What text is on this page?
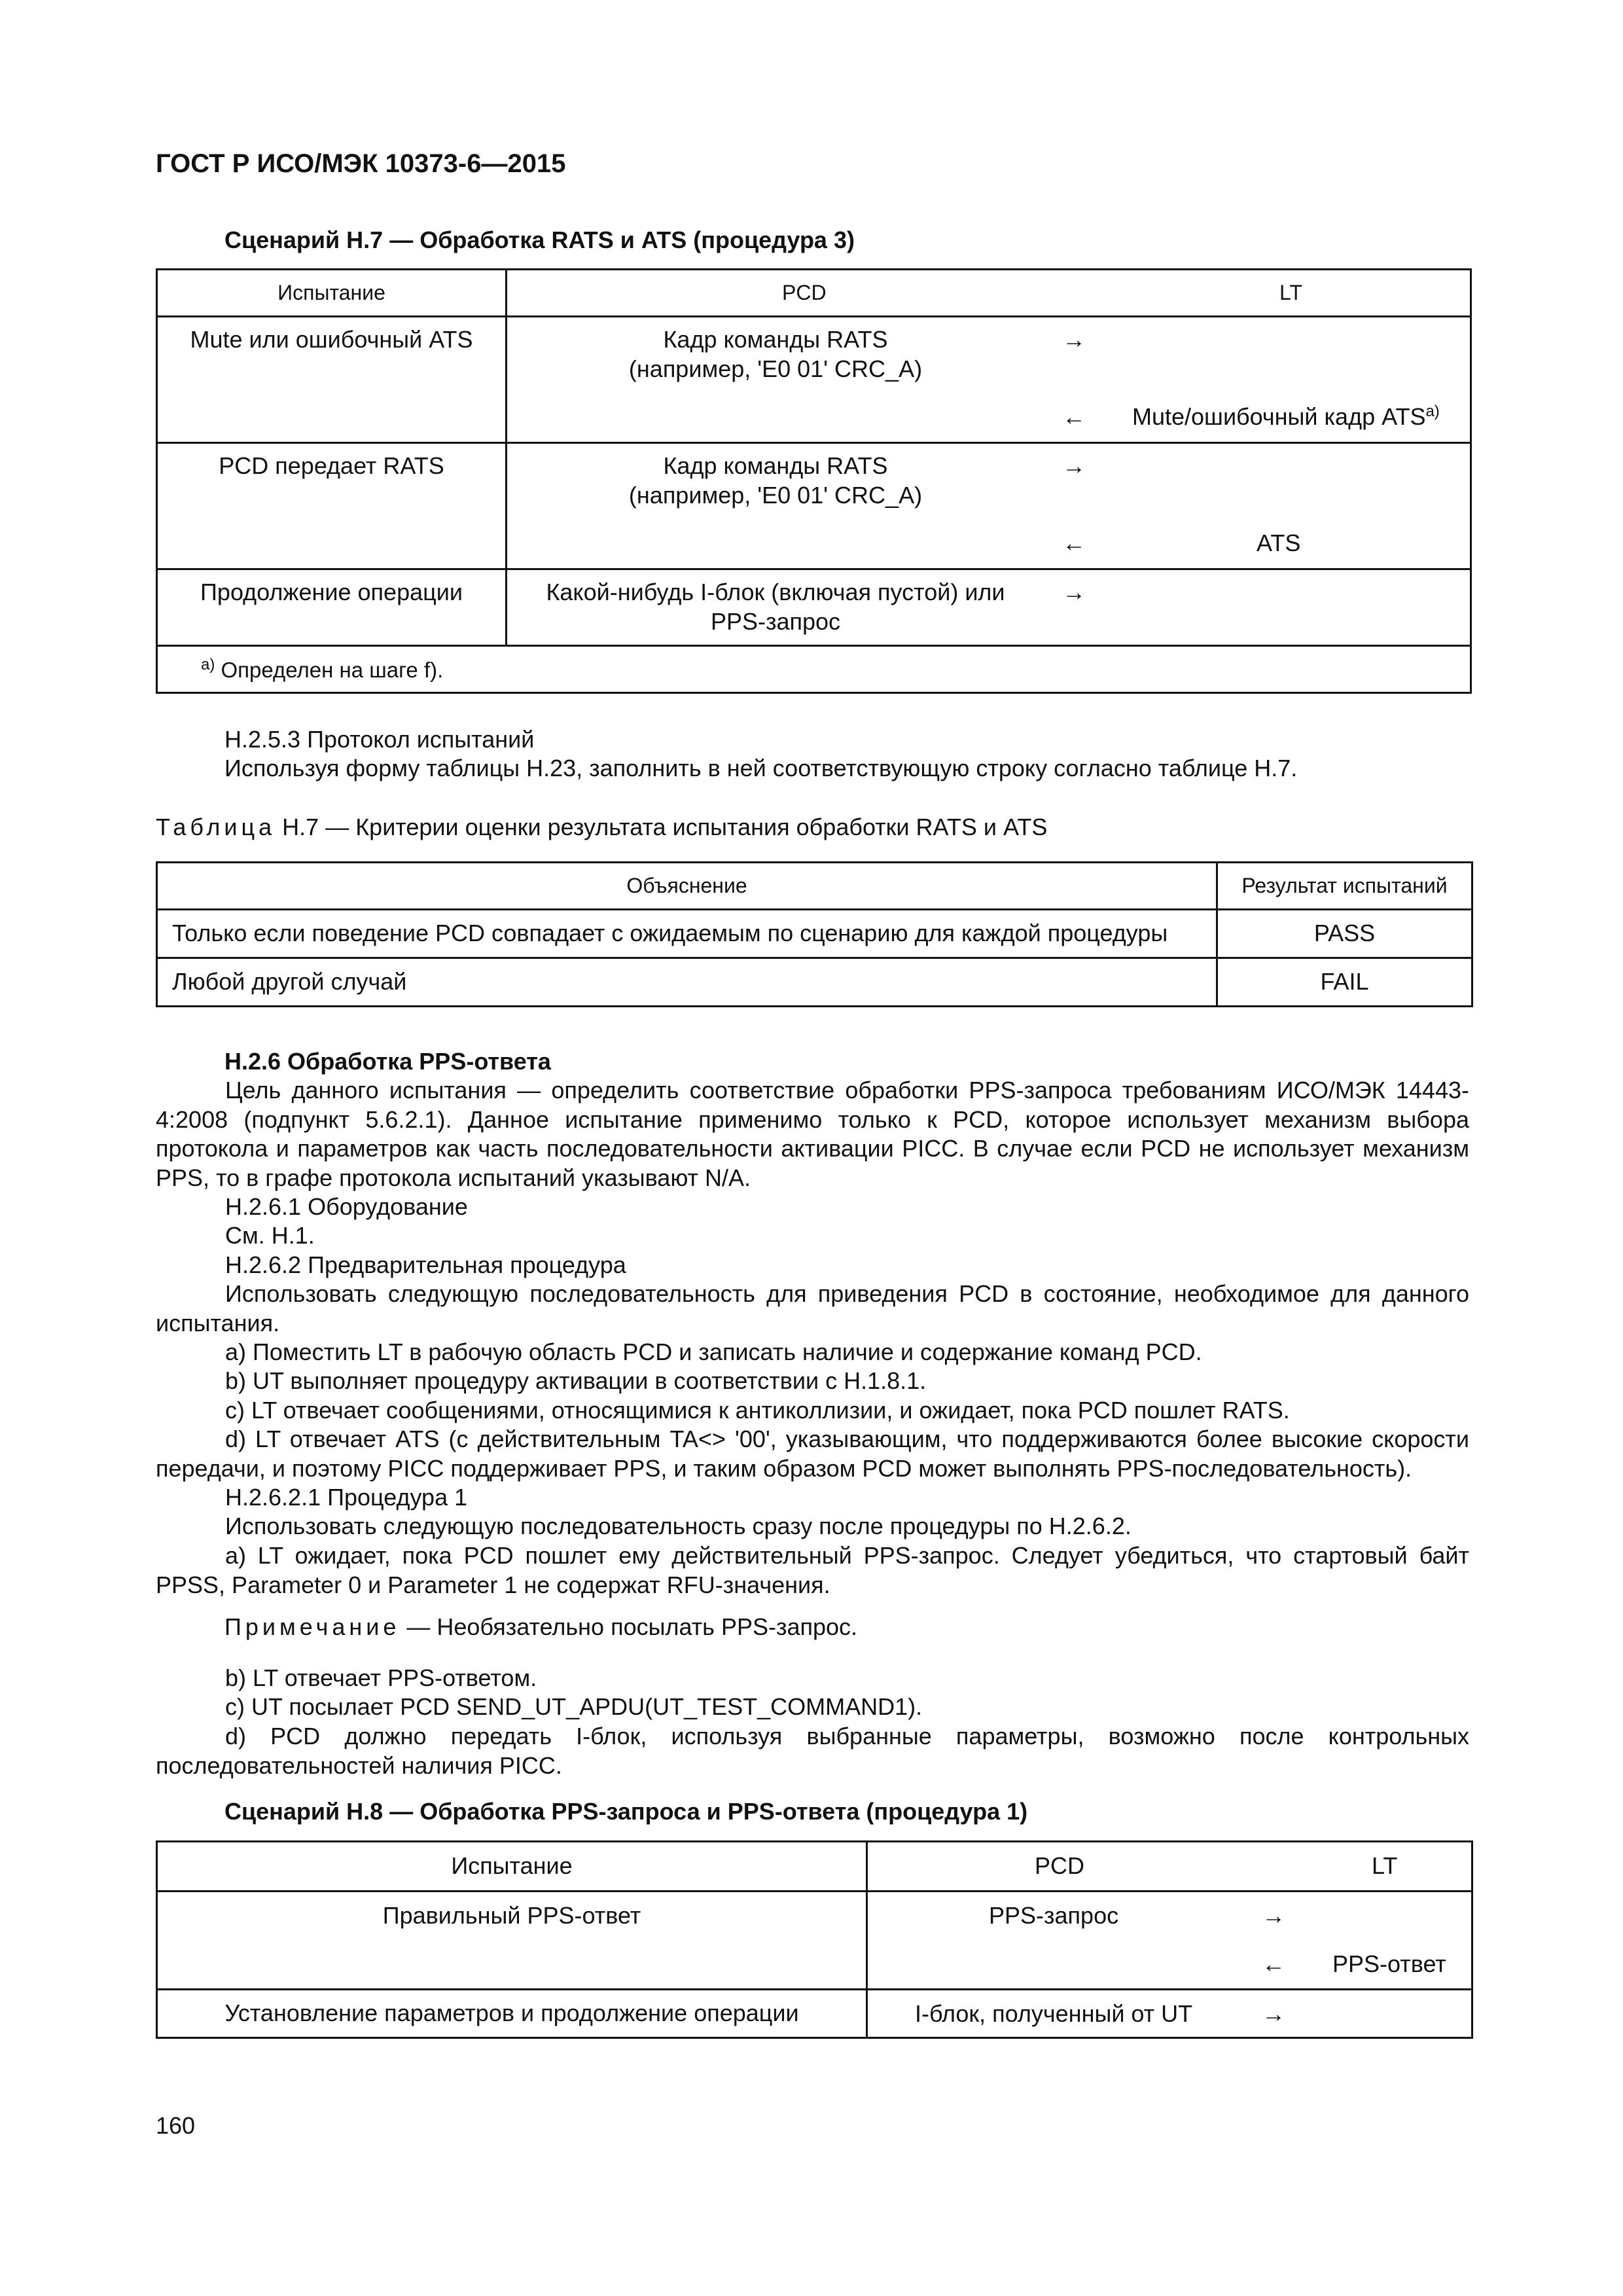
ГОСТ Р ИСО/МЭК 10373-6—2015
Сценарий Н.7 — Обработка RATS и ATS (процедура 3)
Испытание	PCD LT

Mute или ошибочный ATS	Кадр команды RATS
(например, 'E0 01' CRC_A)
→
← Mute/ошибочный кадр ATS$^{a)}$

PCD передает RATS	Кадр команды RATS
(например, 'E0 01' CRC_A)
→
← ATS

Продолжение операции	Какой-нибудь I-блок (включая пустой) или
PPS-запрос
→

$^{a)}$ Определен на шаге f).	
H.2.5.3 Протокол испытаний
Используя форму таблицы H.23, заполнить в ней соответствующую строку согласно таблице H.7.
Таблица H.7 — Критерии оценки результата испытания обработки RATS и ATS
Объяснение	Результат испытаний
Только если поведение PCD совпадает с ожидаемым по сценарию для каждой процедуры	PASS
Любой другой случай	FAIL
Н.2.6 Обработка PPS-ответа
Цель данного испытания — определить соответствие обработки PPS-запроса требованиям ИСО/МЭК 14443-4:2008 (подпункт 5.6.2.1). Данное испытание применимо только к PCD, которое использует механизм выбора протокола и параметров как часть последовательности активации PICC. В случае если PCD не использует механизм PPS, то в графе протокола испытаний указывают N/A.
H.2.6.1 Оборудование
См. H.1.
H.2.6.2 Предварительная процедура
Использовать следующую последовательность для приведения PCD в состояние, необходимое для данного испытания.
a) Поместить LT в рабочую область PCD и записать наличие и содержание команд PCD.
b) UT выполняет процедуру активации в соответствии с H.1.8.1.
c) LT отвечает сообщениями, относящимися к антиколлизии, и ожидает, пока PCD пошлет RATS.
d) LT отвечает ATS (с действительным TA<> '00', указывающим, что поддерживаются более высокие скорости передачи, и поэтому PICC поддерживает PPS, и таким образом PCD может выполнять PPS-последовательность).
H.2.6.2.1 Процедура 1
Использовать следующую последовательность сразу после процедуры по H.2.6.2.
a) LT ожидает, пока PCD пошлет ему действительный PPS-запрос. Следует убедиться, что стартовый байт PPSS, Parameter 0 и Parameter 1 не содержат RFU-значения.
Примечание — Необязательно посылать PPS-запрос.
b) LT отвечает PPS-ответом.
c) UT посылает PCD SEND_UT_APDU(UT_TEST_COMMAND1).
d) PCD должно передать I-блок, используя выбранные параметры, возможно после контрольных последовательностей наличия PICC.
Сценарий H.8 — Обработка PPS-запроса и PPS-ответа (процедура 1)
Испытание	PCD LT

Правильный PPS-ответ	PPS-запрос →
← PPS-ответ

Установление параметров и продолжение операции	I-блок, полученный от UT →
160
